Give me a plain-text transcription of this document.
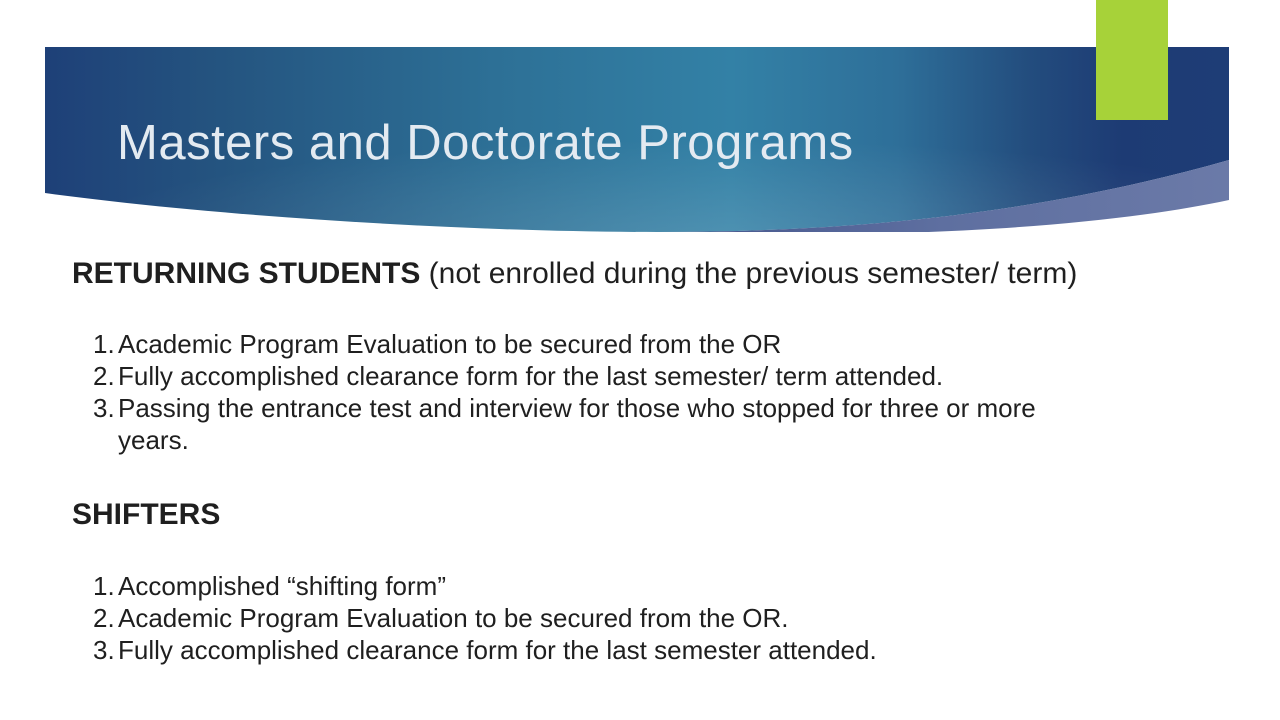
Masters and Doctorate Programs
RETURNING STUDENTS (not enrolled during the previous semester/ term)
1. Academic Program Evaluation to be secured from the OR
2. Fully accomplished clearance form for the last semester/ term attended.
3. Passing the entrance test and interview for those who stopped for three or more
years.
SHIFTERS
1. Accomplished “shifting form”
2. Academic Program Evaluation to be secured from the OR.
3. Fully accomplished clearance form for the last semester attended.
